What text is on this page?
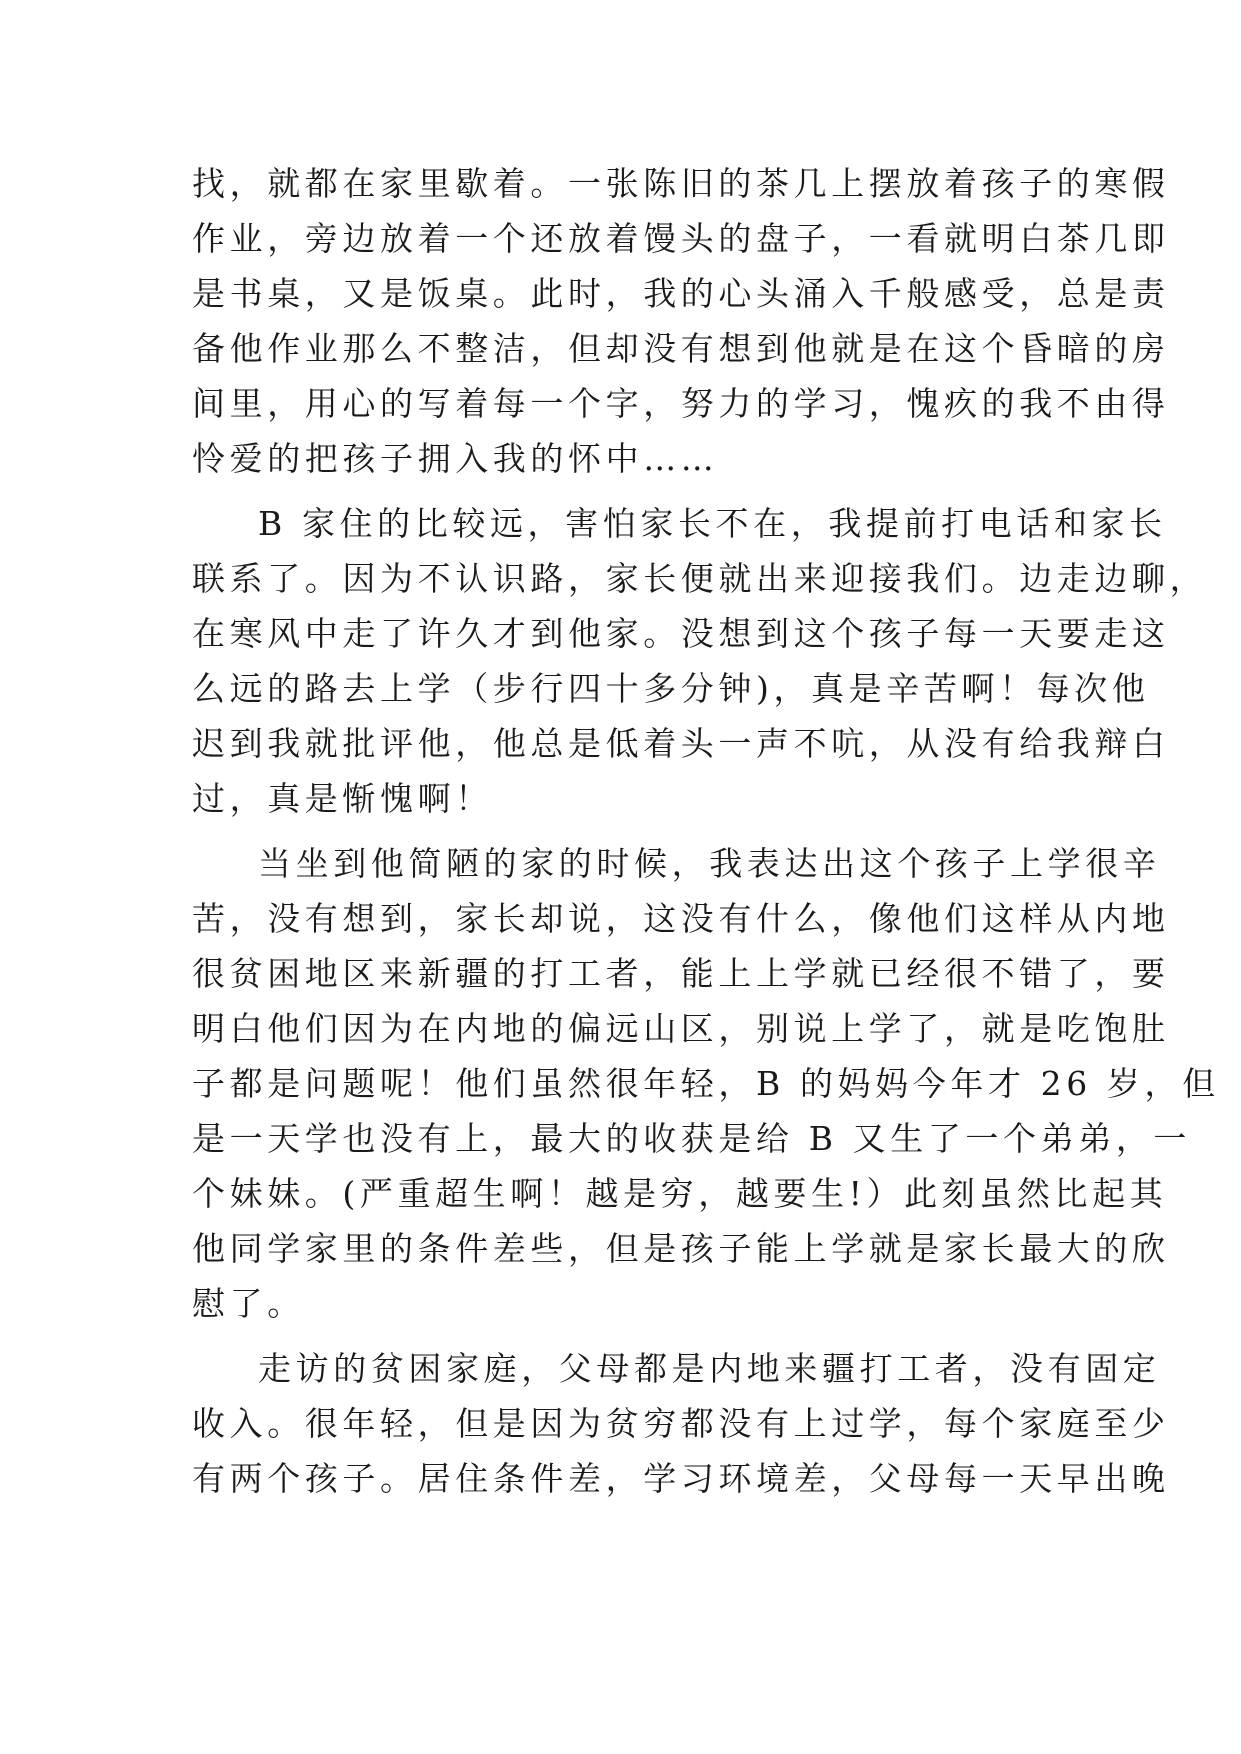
找，就都在家里歇着。一张陈旧的茶几上摆放着孩子的寒假
作业，旁边放着一个还放着馒头的盘子，一看就明白茶几即
是书桌，又是饭桌。此时，我的心头涌入千般感受，总是责
备他作业那么不整洁，但却没有想到他就是在这个昏暗的房
间里，用心的写着每一个字，努力的学习，愧疚的我不由得
怜爱的把孩子拥入我的怀中……

B 家住的比较远，害怕家长不在，我提前打电话和家长
联系了。因为不认识路，家长便就出来迎接我们。边走边聊，
在寒风中走了许久才到他家。没想到这个孩子每一天要走这
么远的路去上学（步行四十多分钟)，真是辛苦啊！每次他
迟到我就批评他，他总是低着头一声不吭，从没有给我辩白
过，真是惭愧啊！

当坐到他简陋的家的时候，我表达出这个孩子上学很辛
苦，没有想到，家长却说，这没有什么，像他们这样从内地
很贫困地区来新疆的打工者，能上上学就已经很不错了，要
明白他们因为在内地的偏远山区，别说上学了，就是吃饱肚
子都是问题呢！他们虽然很年轻，B 的妈妈今年才 26 岁，但
是一天学也没有上，最大的收获是给 B 又生了一个弟弟，一
个妹妹。(严重超生啊！越是穷，越要生!）此刻虽然比起其
他同学家里的条件差些，但是孩子能上学就是家长最大的欣
慰了。

走访的贫困家庭，父母都是内地来疆打工者，没有固定
收入。很年轻，但是因为贫穷都没有上过学，每个家庭至少
有两个孩子。居住条件差，学习环境差，父母每一天早出晚
